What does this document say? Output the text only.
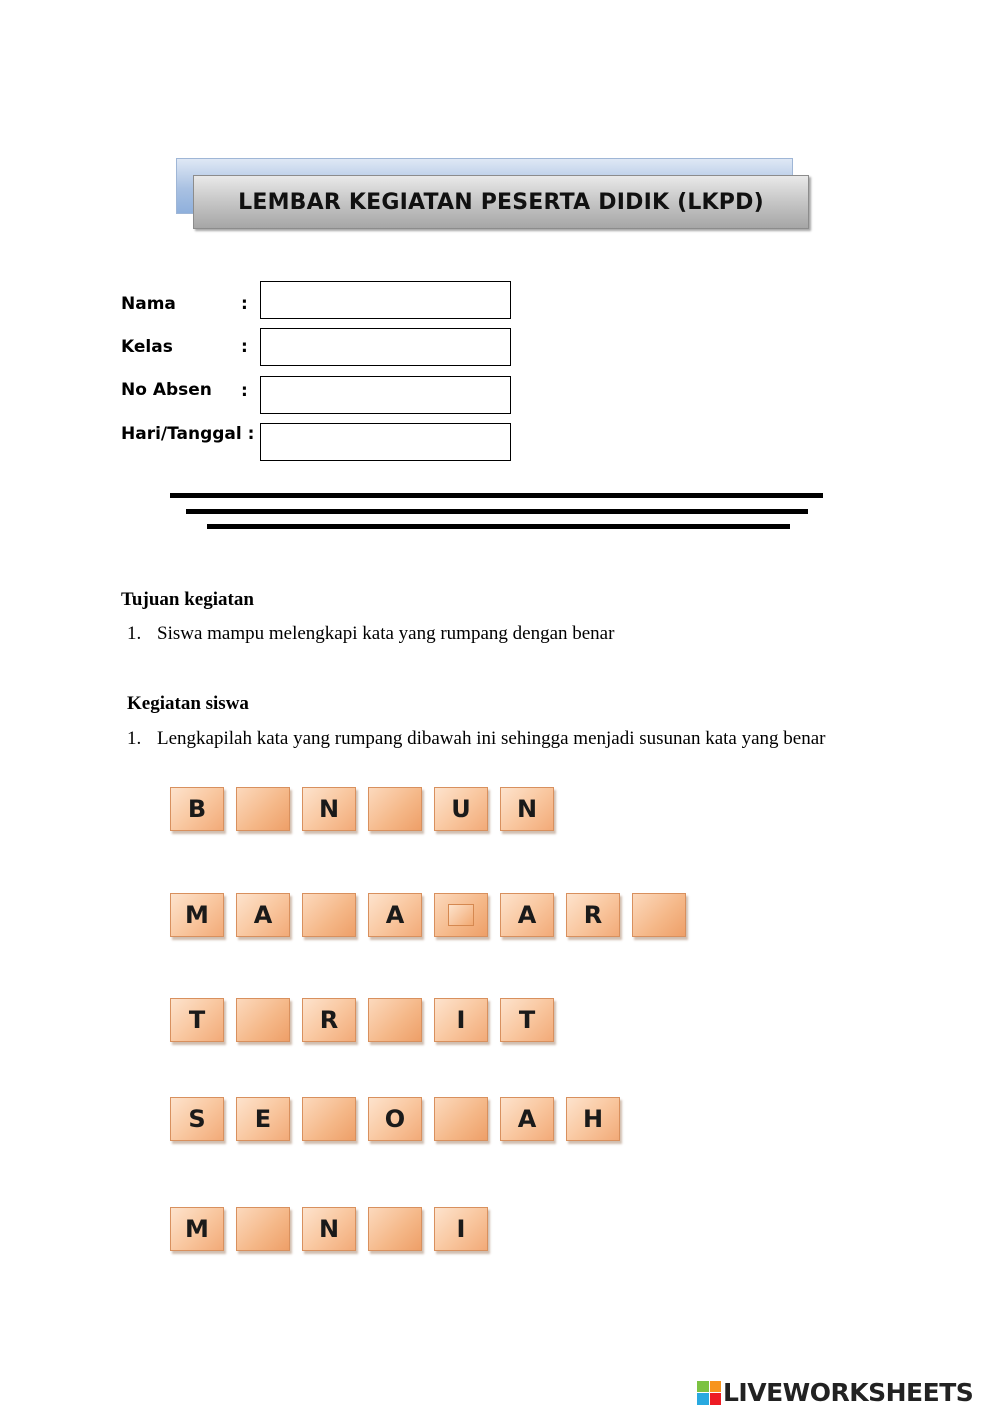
LEMBAR KEGIATAN PESERTA DIDIK (LKPD)
Nama	:
Kelas	:
No Absen :
Hari/Tanggal :
Tujuan kegiatan
1. Siswa mampu melengkapi kata yang rumpang dengan benar
Kegiatan siswa
1. Lengkapilah kata yang rumpang dibawah ini sehingga menjadi susunan kata yang benar
B	N	U N
M A	A	A R
T	R	I T
S E	O	A H
M	N	I
LIVEWORKSHEETS
